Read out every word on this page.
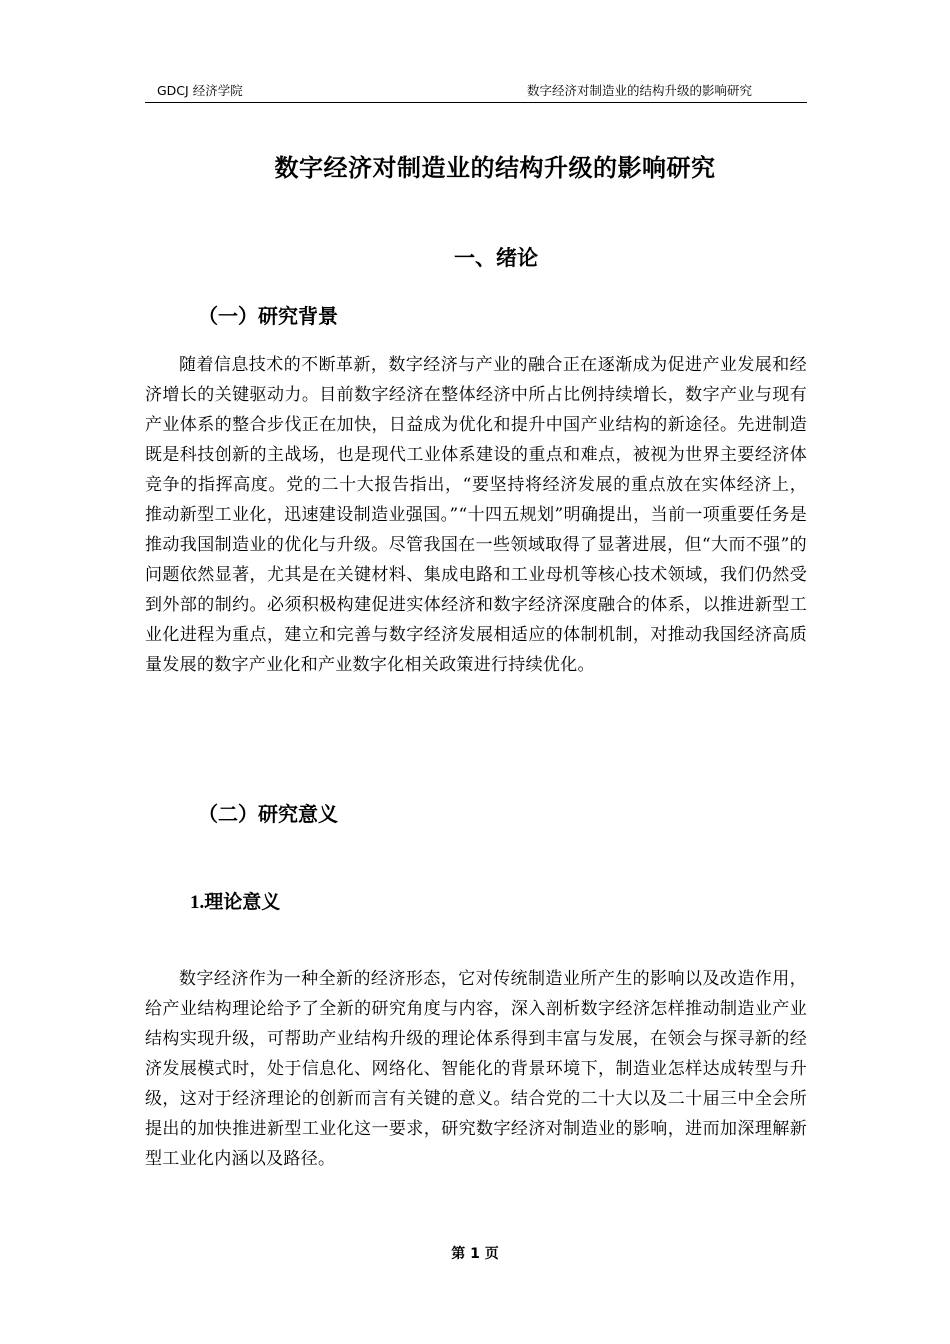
GDCJ 经济学院	数字经济对制造业的结构升级的影响研究
数字经济对制造业的结构升级的影响研究
一、绪论
（一）研究背景

随着信息技术的不断革新，数字经济与产业的融合正在逐渐成为促进产业发展和经济增长的关键驱动力。目前数字经济在整体经济中所占比例持续增长，数字产业与现有产业体系的整合步伐正在加快，日益成为优化和提升中国产业结构的新途径。先进制造既是科技创新的主战场，也是现代工业体系建设的重点和难点，被视为世界主要经济体竞争的指挥高度。党的二十大报告指出，“要坚持将经济发展的重点放在实体经济上，推动新型工业化，迅速建设制造业强国。”“十四五规划”明确提出，当前一项重要任务是推动我国制造业的优化与升级。尽管我国在一些领域取得了显著进展，但“大而不强”的问题依然显著，尤其是在关键材料、集成电路和工业母机等核心技术领域，我们仍然受到外部的制约。必须积极构建促进实体经济和数字经济深度融合的体系，以推进新型工业化进程为重点，建立和完善与数字经济发展相适应的体制机制，对推动我国经济高质量发展的数字产业化和产业数字化相关政策进行持续优化。

（二）研究意义
1.理论意义

数字经济作为一种全新的经济形态，它对传统制造业所产生的影响以及改造作用，给产业结构理论给予了全新的研究角度与内容，深入剖析数字经济怎样推动制造业产业结构实现升级，可帮助产业结构升级的理论体系得到丰富与发展，在领会与探寻新的经济发展模式时，处于信息化、网络化、智能化的背景环境下，制造业怎样达成转型与升级，这对于经济理论的创新而言有关键的意义。结合党的二十大以及二十届三中全会所提出的加快推进新型工业化这一要求，研究数字经济对制造业的影响，进而加深理解新型工业化内涵以及路径。

第 1 页
